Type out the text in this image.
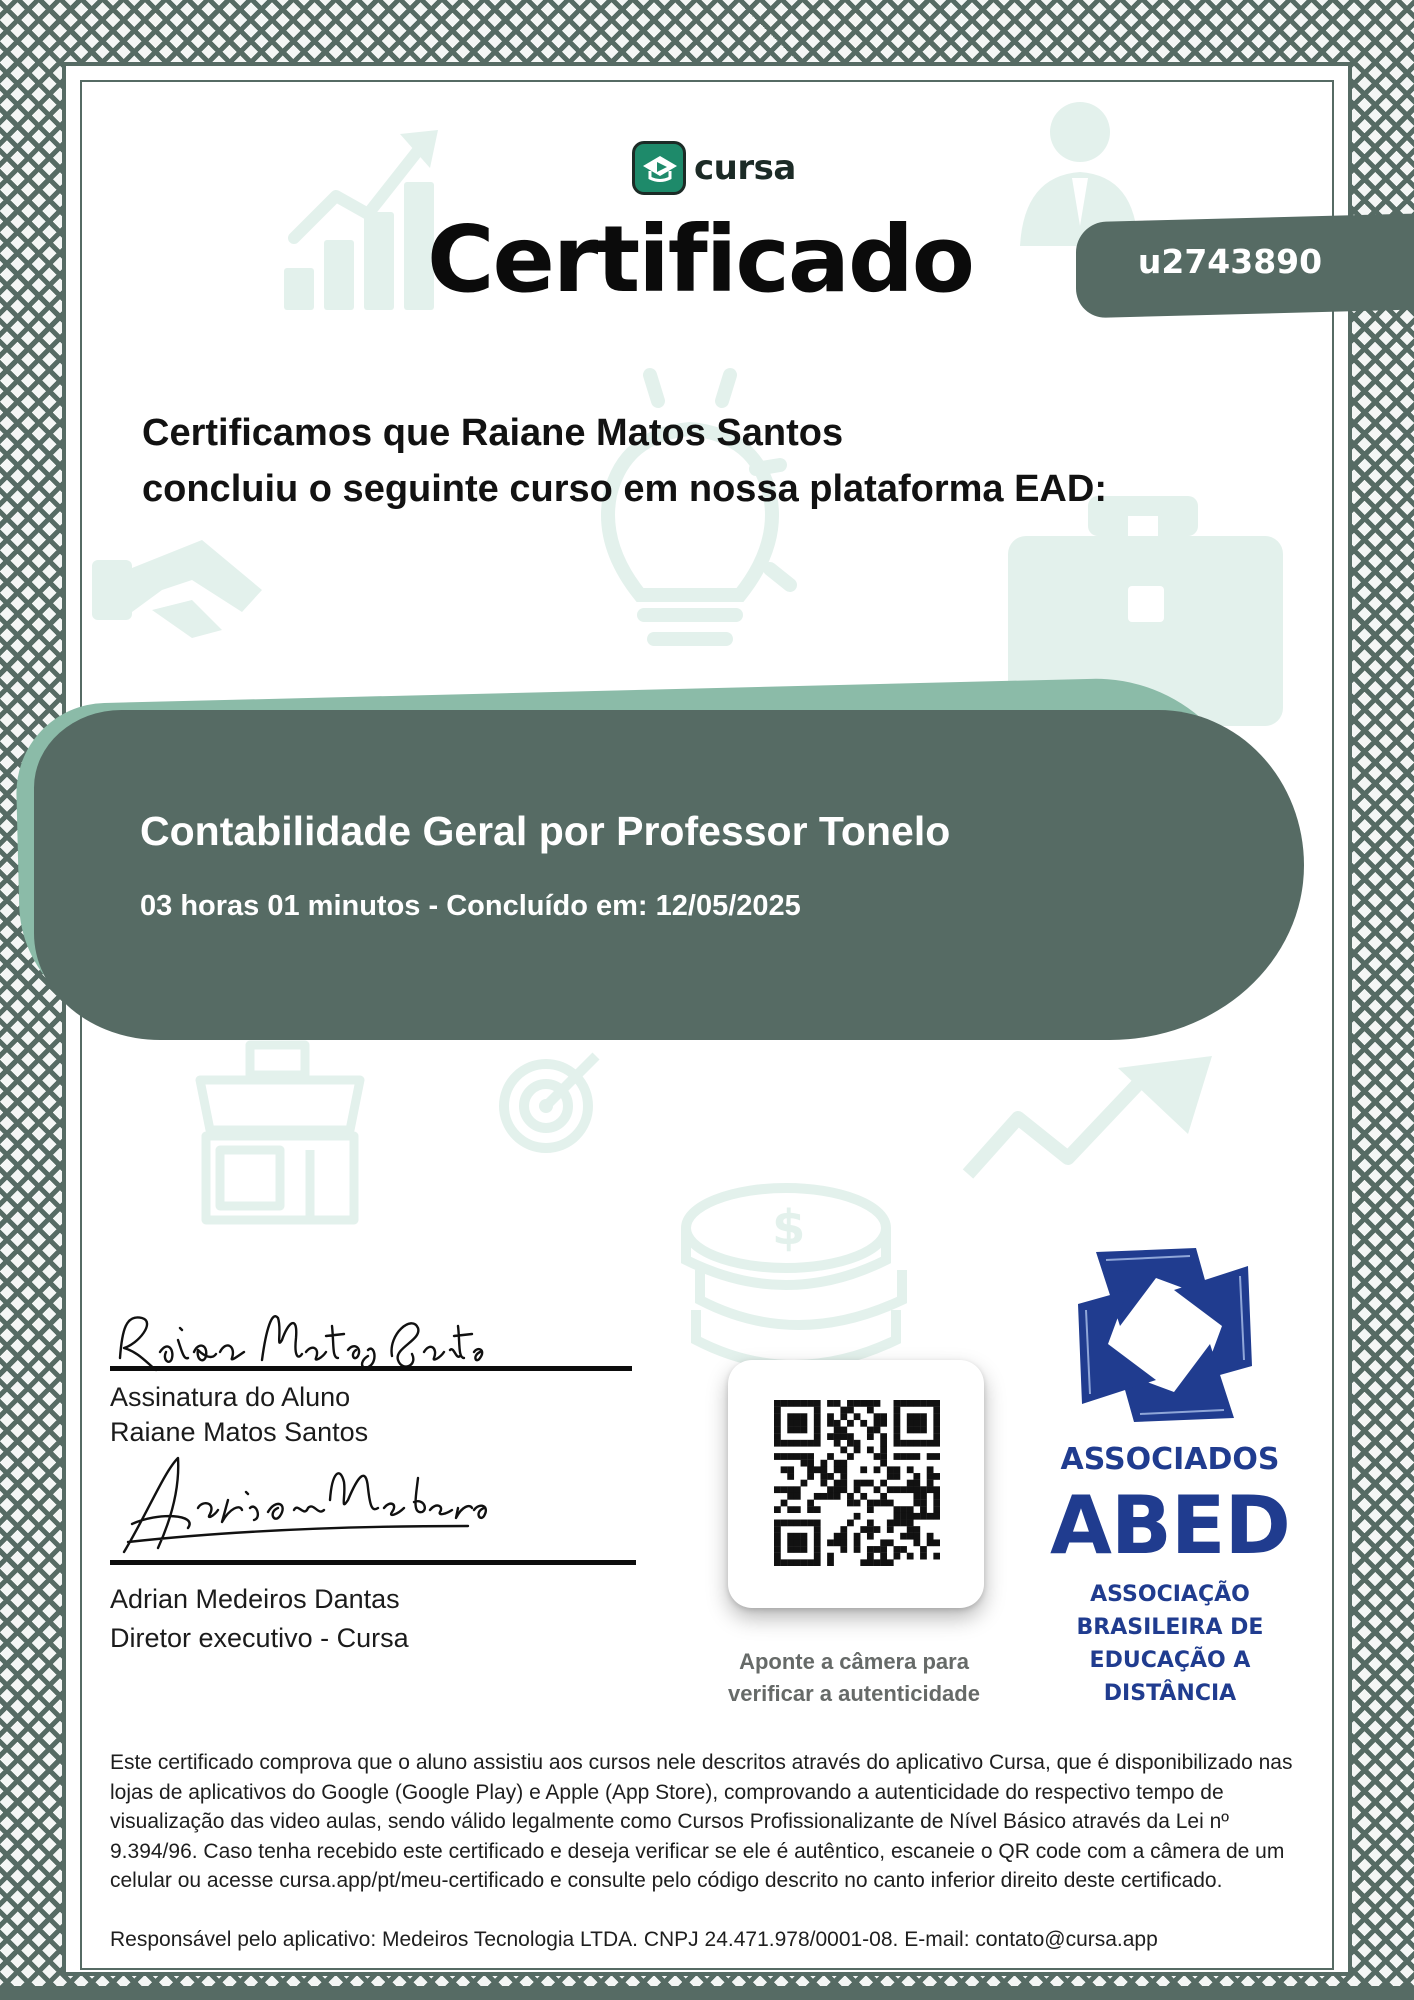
$
cursa
Certificado	u2743890
Certificamos que Raiane Matos Santos
concluiu o seguinte curso em nossa plataforma EAD:
Contabilidade Geral por Professor Tonelo
03 horas 01 minutos - Concluído em: 12/05/2025
Assinatura do Aluno
Raiane Matos Santos
Adrian Medeiros Dantas
Diretor executivo - Cursa
Aponte a câmera para
verificar a autenticidade
ASSOCIADOS
ABED
ASSOCIAÇÃO
BRASILEIRA DE
EDUCAÇÃO A
DISTÂNCIA
Este certificado comprova que o aluno assistiu aos cursos nele descritos através do aplicativo Cursa, que é disponibilizado nas lojas de aplicativos do Google (Google Play) e Apple (App Store), comprovando a autenticidade do respectivo tempo de visualização das video aulas, sendo válido legalmente como Cursos Profissionalizante de Nível Básico através da Lei nº 9.394/96. Caso tenha recebido este certificado e deseja verificar se ele é autêntico, escaneie o QR code com a câmera de um celular ou acesse cursa.app/pt/meu-certificado e consulte pelo código descrito no canto inferior direito deste certificado.
Responsável pelo aplicativo: Medeiros Tecnologia LTDA. CNPJ 24.471.978/0001-08. E-mail: contato@cursa.app
